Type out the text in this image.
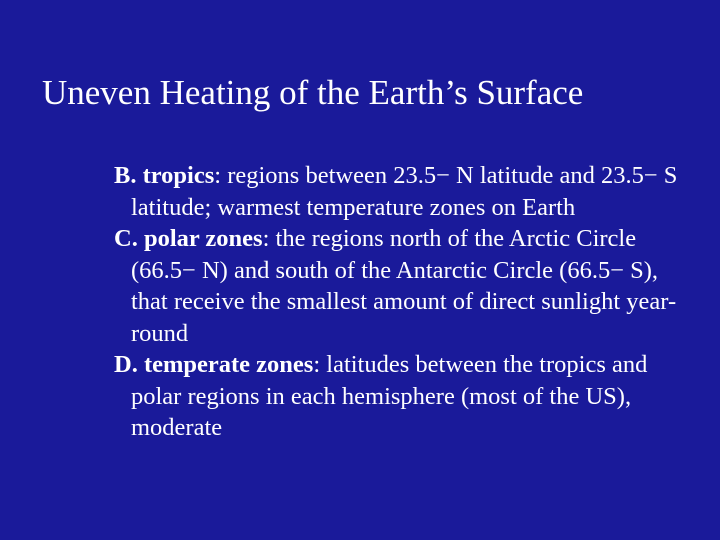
Uneven Heating of the Earth’s Surface
B. tropics: regions between 23.5− N latitude and 23.5− S latitude; warmest temperature zones on Earth
C. polar zones: the regions north of the Arctic Circle (66.5− N) and south of the Antarctic Circle (66.5− S), that receive the smallest amount of direct sunlight year-round
D. temperate zones: latitudes between the tropics and polar regions in each hemisphere (most of the US), moderate
